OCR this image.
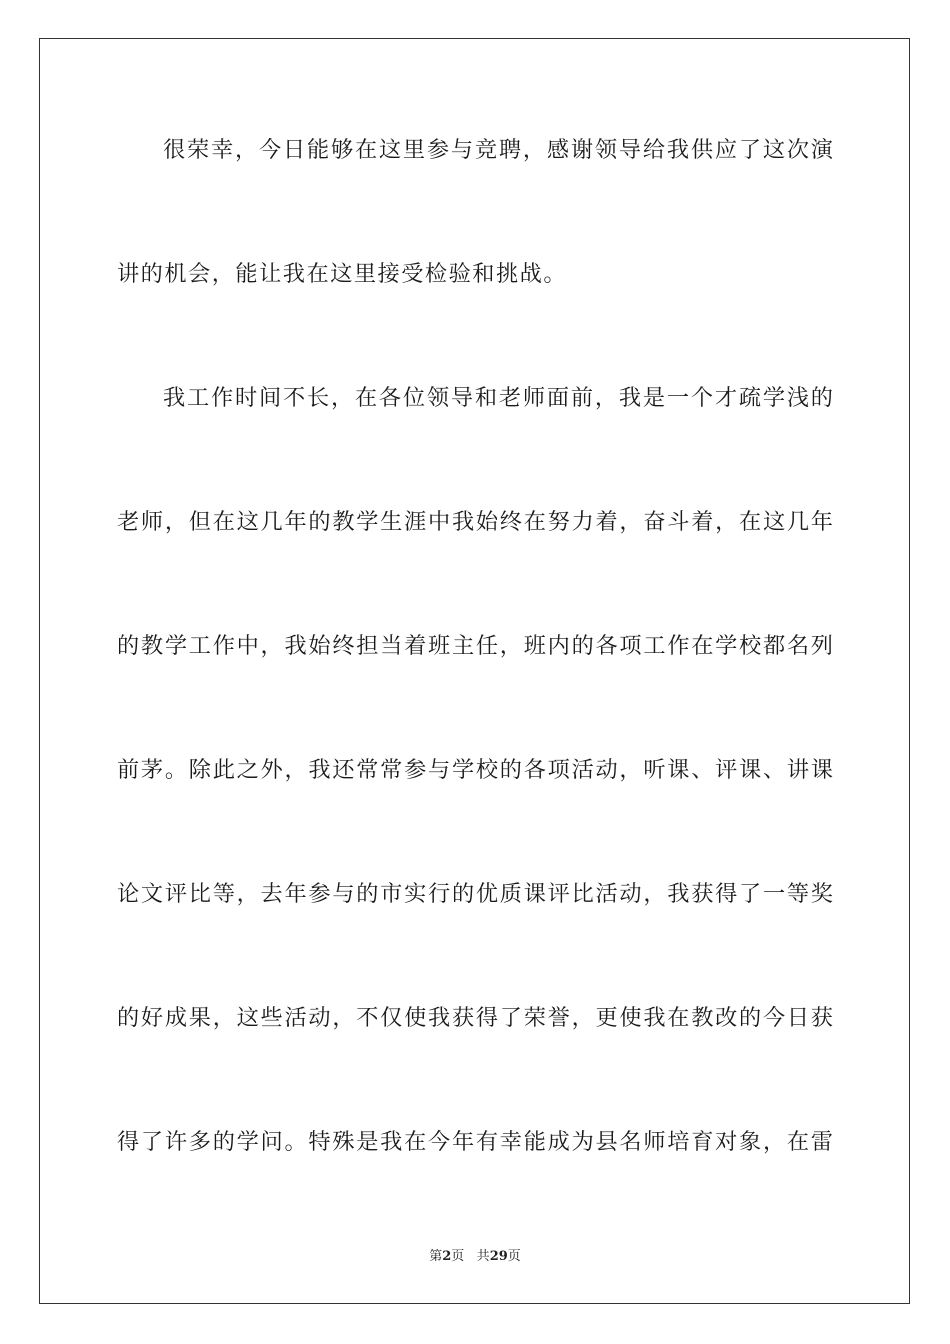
很荣幸，今日能够在这里参与竞聘，感谢领导给我供应了这次演
讲的机会，能让我在这里接受检验和挑战。
我工作时间不长，在各位领导和老师面前，我是一个才疏学浅的
老师，但在这几年的教学生涯中我始终在努力着，奋斗着，在这几年
的教学工作中，我始终担当着班主任，班内的各项工作在学校都名列
前茅。除此之外，我还常常参与学校的各项活动，听课、评课、讲课
论文评比等，去年参与的市实行的优质课评比活动，我获得了一等奖
的好成果，这些活动，不仅使我获得了荣誉，更使我在教改的今日获
得了许多的学问。特殊是我在今年有幸能成为县名师培育对象，在雷
第2页 共29页
